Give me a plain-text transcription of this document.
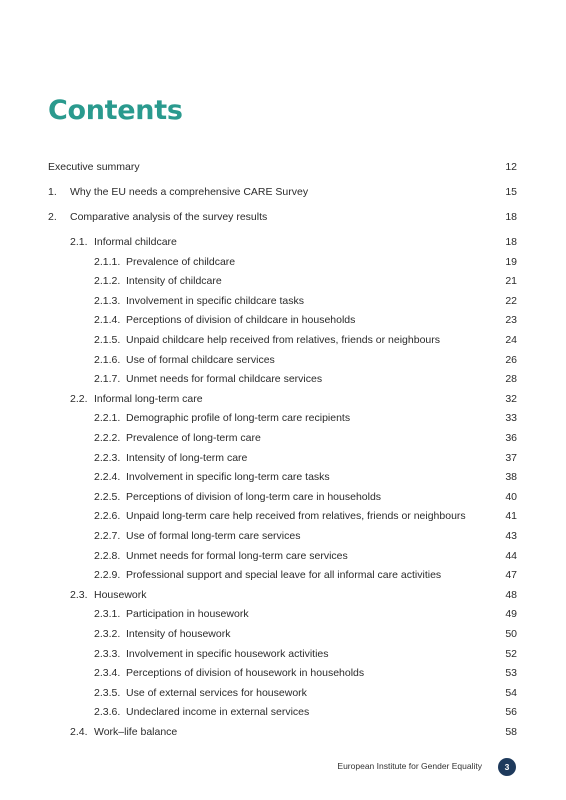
Contents
Executive summary	12
1. Why the EU needs a comprehensive CARE Survey	15
2. Comparative analysis of the survey results	18
2.1. Informal childcare	18
2.1.1. Prevalence of childcare	19
2.1.2. Intensity of childcare	21
2.1.3. Involvement in specific childcare tasks	22
2.1.4. Perceptions of division of childcare in households	23
2.1.5. Unpaid childcare help received from relatives, friends or neighbours	24
2.1.6. Use of formal childcare services	26
2.1.7. Unmet needs for formal childcare services	28
2.2. Informal long-term care	32
2.2.1. Demographic profile of long-term care recipients	33
2.2.2. Prevalence of long-term care	36
2.2.3. Intensity of long-term care	37
2.2.4. Involvement in specific long-term care tasks	38
2.2.5. Perceptions of division of long-term care in households	40
2.2.6. Unpaid long-term care help received from relatives, friends or neighbours	41
2.2.7. Use of formal long-term care services	43
2.2.8. Unmet needs for formal long-term care services	44
2.2.9. Professional support and special leave for all informal care activities	47
2.3. Housework	48
2.3.1. Participation in housework	49
2.3.2. Intensity of housework	50
2.3.3. Involvement in specific housework activities	52
2.3.4. Perceptions of division of housework in households	53
2.3.5. Use of external services for housework	54
2.3.6. Undeclared income in external services	56
2.4. Work–life balance	58
European Institute for Gender Equality	3
